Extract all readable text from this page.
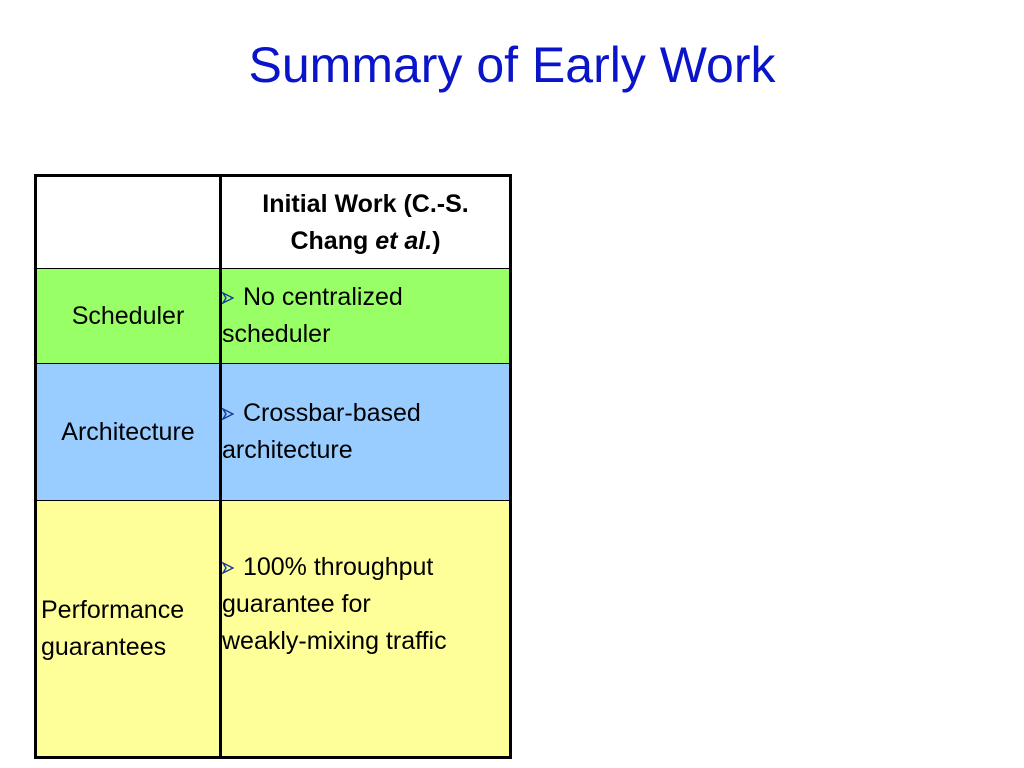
Summary of Early Work
	Initial Work (C.-S.
Chang et al.)
Scheduler	No centralized
scheduler
Architecture	Crossbar-based
architecture
Performance
guarantees	100% throughput
guarantee for
weakly-mixing traffic
